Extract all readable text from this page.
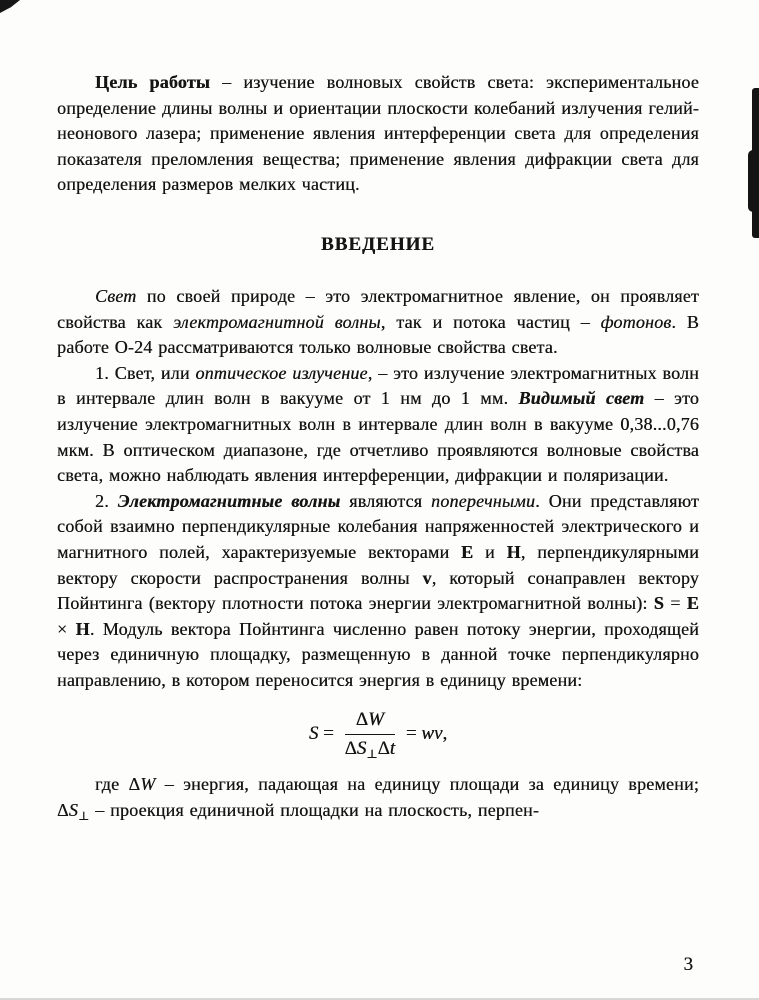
Цель работы – изучение волновых свойств света: экспериментальное определение длины волны и ориентации плоскости колебаний излучения гелий-неонового лазера; применение явления интерференции света для определения показателя преломления вещества; применение явления дифракции света для определения размеров мелких частиц.

ВВЕДЕНИЕ

Свет по своей природе – это электромагнитное явление, он проявляет свойства как электромагнитной волны, так и потока частиц – фотонов. В работе О-24 рассматриваются только волновые свойства света.

1. Свет, или оптическое излучение, – это излучение электромагнитных волн в интервале длин волн в вакууме от 1 нм до 1 мм. Видимый свет – это излучение электромагнитных волн в интервале длин волн в вакууме 0,38...0,76 мкм. В оптическом диапазоне, где отчетливо проявляются волновые свойства света, можно наблюдать явления интерференции, дифракции и поляризации.

2. Электромагнитные волны являются поперечными. Они представляют собой взаимно перпендикулярные колебания напряженностей электрического и магнитного полей, характеризуемые векторами E и H, перпендикулярными вектору скорости распространения волны v, который сонаправлен вектору Пойнтинга (вектору плотности потока энергии электромагнитной волны): S = E × H. Модуль вектора Пойнтинга численно равен потоку энергии, проходящей через единичную площадку, размещенную в данной точке перпендикулярно направлению, в котором переносится энергия в единицу времени:

$S = \frac{\Delta W}{\Delta S_\perp\Delta t}$ = wv,

где ΔW – энергия, падающая на единицу площади за единицу времени; $\Delta S_\perp$ – проекция единичной площадки на плоскость, перпен-

3
